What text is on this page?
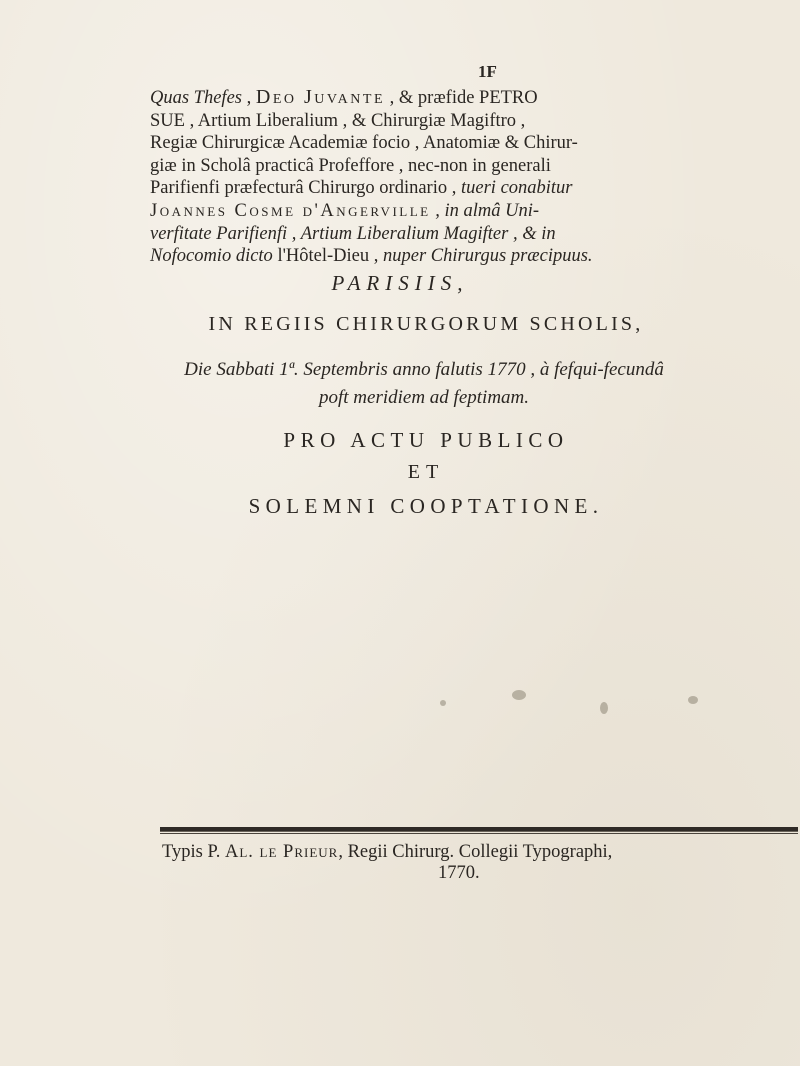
1F
Quas Thefes , Deo Juvante , & præfide PETRO
SUE , Artium Liberalium , & Chirurgiæ Magiftro ,
Regiæ Chirurgicæ Academiæ focio , Anatomiæ & Chirur-
giæ in Scholâ practicâ Profeffore , nec-non in generali
Parifienfi præfecturâ Chirurgo ordinario , tueri conabitur
Joannes Cosme d'Angerville , in almâ Uni-
verfitate Parifienfi , Artium Liberalium Magifter , & in
Nofocomio dicto l'Hôtel-Dieu , nuper Chirurgus præcipuus.
PARISIIS,
IN REGIIS CHIRURGORUM SCHOLIS,
Die Sabbati 1ª. Septembris anno falutis 1770 , à fefqui-fecundâ
poft meridiem ad feptimam.
PRO ACTU PUBLICO
ET
SOLEMNI COOPTATIONE.
Typis P. Al. le Prieur, Regii Chirurg. Collegii Typographi,
1770.
